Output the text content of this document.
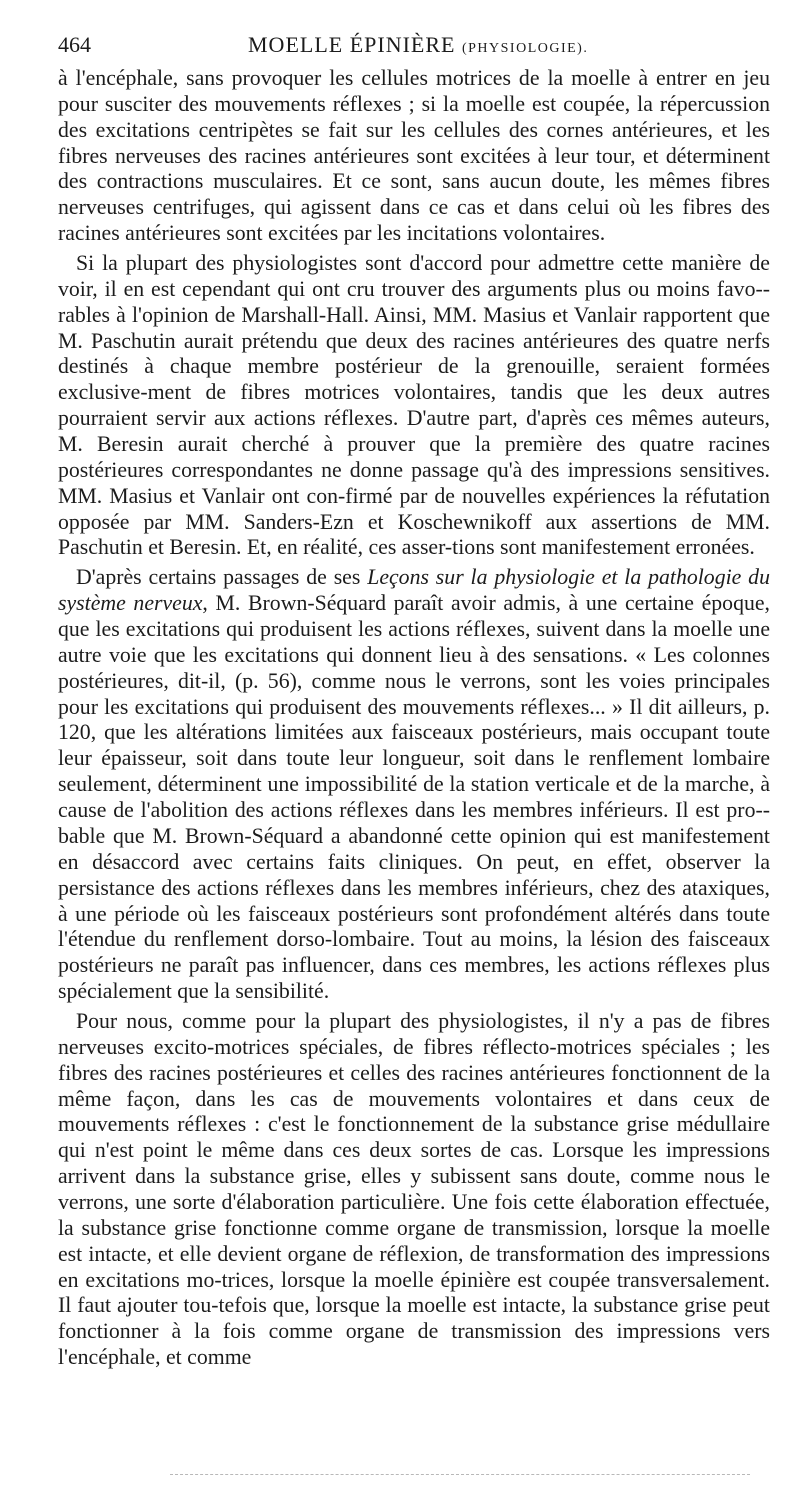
464	MOELLE ÉPINIÈRE (PHYSIOLOGIE).

à l'encéphale, sans provoquer les cellules motrices de la moelle à entrer en jeu pour susciter des mouvements réflexes ; si la moelle est coupée, la répercussion des excitations centripètes se fait sur les cellules des cornes antérieures, et les fibres nerveuses des racines antérieures sont excitées à leur tour, et déterminent des contractions musculaires. Et ce sont, sans aucun doute, les mêmes fibres nerveuses centrifuges, qui agissent dans ce cas et dans celui où les fibres des racines antérieures sont excitées par les incitations volontaires.

Si la plupart des physiologistes sont d'accord pour admettre cette manière de voir, il en est cependant qui ont cru trouver des arguments plus ou moins favo-rables à l'opinion de Marshall-Hall. Ainsi, MM. Masius et Vanlair rapportent que M. Paschutin aurait prétendu que deux des racines antérieures des quatre nerfs destinés à chaque membre postérieur de la grenouille, seraient formées exclusive-ment de fibres motrices volontaires, tandis que les deux autres pourraient servir aux actions réflexes. D'autre part, d'après ces mêmes auteurs, M. Beresin aurait cherché à prouver que la première des quatre racines postérieures correspondantes ne donne passage qu'à des impressions sensitives. MM. Masius et Vanlair ont con-firmé par de nouvelles expériences la réfutation opposée par MM. Sanders-Ezn et Koschewnikoff aux assertions de MM. Paschutin et Beresin. Et, en réalité, ces asser-tions sont manifestement erronées.

D'après certains passages de ses Leçons sur la physiologie et la pathologie du système nerveux, M. Brown-Séquard paraît avoir admis, à une certaine époque, que les excitations qui produisent les actions réflexes, suivent dans la moelle une autre voie que les excitations qui donnent lieu à des sensations. « Les colonnes postérieures, dit-il, (p. 56), comme nous le verrons, sont les voies principales pour les excitations qui produisent des mouvements réflexes... » Il dit ailleurs, p. 120, que les altérations limitées aux faisceaux postérieurs, mais occupant toute leur épaisseur, soit dans toute leur longueur, soit dans le renflement lombaire seulement, déterminent une impossibilité de la station verticale et de la marche, à cause de l'abolition des actions réflexes dans les membres inférieurs. Il est pro-bable que M. Brown-Séquard a abandonné cette opinion qui est manifestement en désaccord avec certains faits cliniques. On peut, en effet, observer la persistance des actions réflexes dans les membres inférieurs, chez des ataxiques, à une période où les faisceaux postérieurs sont profondément altérés dans toute l'étendue du renflement dorso-lombaire. Tout au moins, la lésion des faisceaux postérieurs ne paraît pas influencer, dans ces membres, les actions réflexes plus spécialement que la sensibilité.

Pour nous, comme pour la plupart des physiologistes, il n'y a pas de fibres nerveuses excito-motrices spéciales, de fibres réflecto-motrices spéciales ; les fibres des racines postérieures et celles des racines antérieures fonctionnent de la même façon, dans les cas de mouvements volontaires et dans ceux de mouvements réflexes : c'est le fonctionnement de la substance grise médullaire qui n'est point le même dans ces deux sortes de cas. Lorsque les impressions arrivent dans la substance grise, elles y subissent sans doute, comme nous le verrons, une sorte d'élaboration particulière. Une fois cette élaboration effectuée, la substance grise fonctionne comme organe de transmission, lorsque la moelle est intacte, et elle devient organe de réflexion, de transformation des impressions en excitations mo-trices, lorsque la moelle épinière est coupée transversalement. Il faut ajouter tou-tefois que, lorsque la moelle est intacte, la substance grise peut fonctionner à la fois comme organe de transmission des impressions vers l'encéphale, et comme
